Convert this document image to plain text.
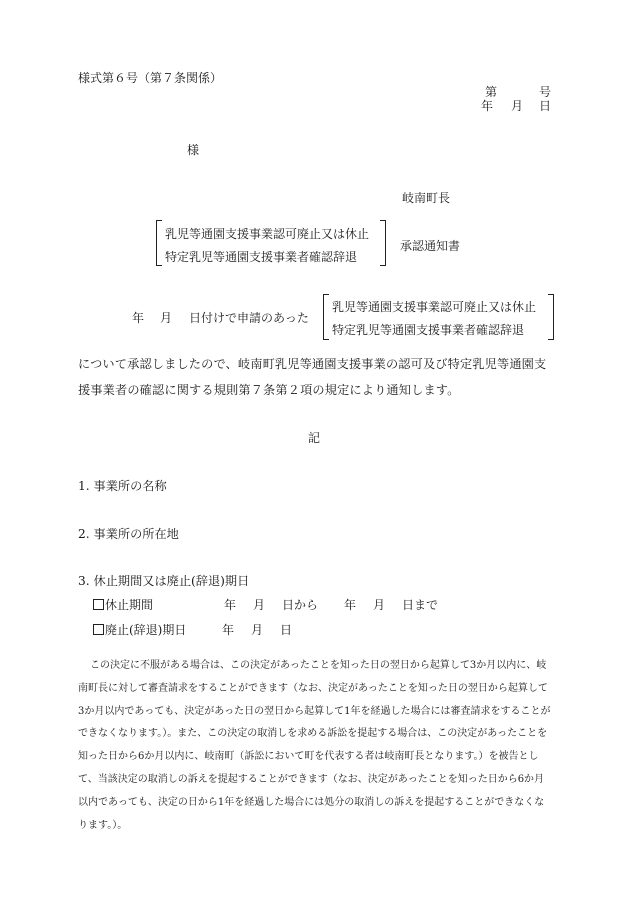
様式第６号（第７条関係）
第	号
年 月 日
様
岐南町長
乳児等通園支援事業認可廃止又は休止
特定乳児等通園支援事業者確認辞退
承認通知書
年 月 日付けで申請のあった
乳児等通園支援事業認可廃止又は休止
特定乳児等通園支援事業者確認辞退
について承認しましたので、岐南町乳児等通園支援事業の認可及び特定乳児等通園支援事業者の確認に関する規則第７条第２項の規定により通知します。
記
1. 事業所の名称
2. 事業所の所在地
3. 休止期間又は廃止(辞退)期日
休止期間	年 月 日から 年 月 日まで
廃止(辞退)期日	年 月 日
この決定に不服がある場合は、この決定があったことを知った日の翌日から起算して3か月以内に、岐南町長に対して審査請求をすることができます（なお、決定があったことを知った日の翌日から起算して3か月以内であっても、決定があった日の翌日から起算して1年を経過した場合には審査請求をすることができなくなります。）。また、この決定の取消しを求める訴訟を提起する場合は、この決定があったことを知った日から6か月以内に、岐南町（訴訟において町を代表する者は岐南町長となります。）を被告として、当該決定の取消しの訴えを提起することができます（なお、決定があったことを知った日から6か月以内であっても、決定の日から1年を経過した場合には処分の取消しの訴えを提起することができなくなります。）。
